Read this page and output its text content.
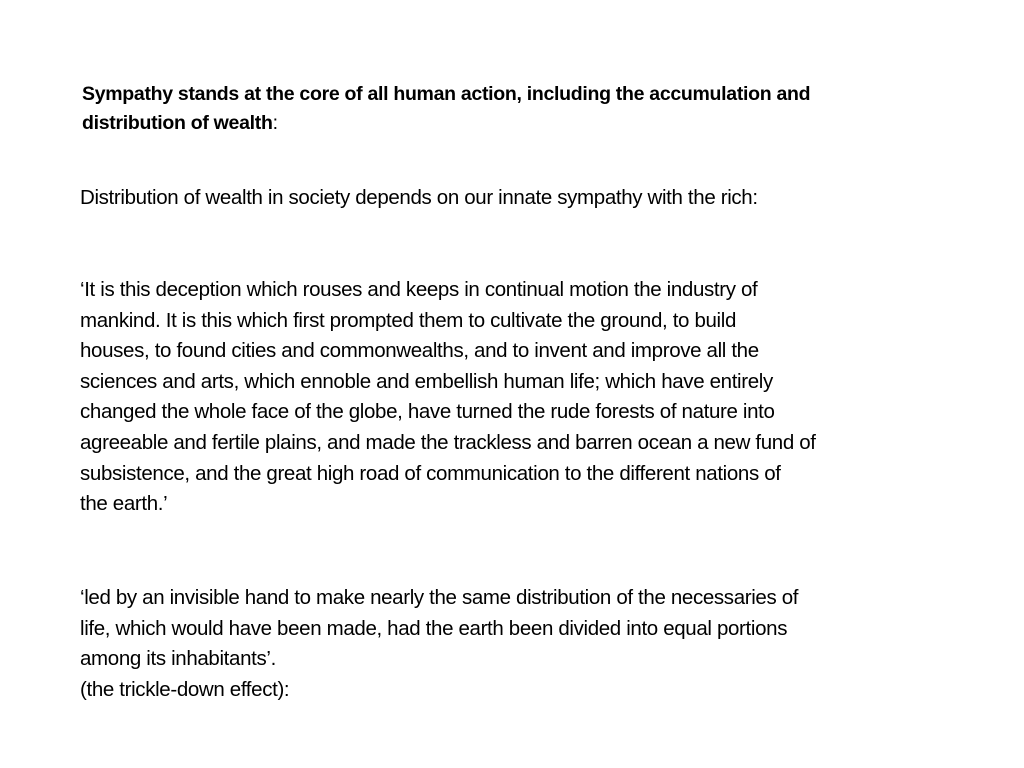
Sympathy stands at the core of all human action, including the accumulation and
distribution of wealth:

Distribution of wealth in society depends on our innate sympathy with the rich:

‘It is this deception which rouses and keeps in continual motion the industry of
mankind. It is this which first prompted them to cultivate the ground, to build
houses, to found cities and commonwealths, and to invent and improve all the
sciences and arts, which ennoble and embellish human life; which have entirely
changed the whole face of the globe, have turned the rude forests of nature into
agreeable and fertile plains, and made the trackless and barren ocean a new fund of
subsistence, and the great high road of communication to the different nations of
the earth.’

‘led by an invisible hand to make nearly the same distribution of the necessaries of
life, which would have been made, had the earth been divided into equal portions
among its inhabitants’.
(the trickle-down effect):
